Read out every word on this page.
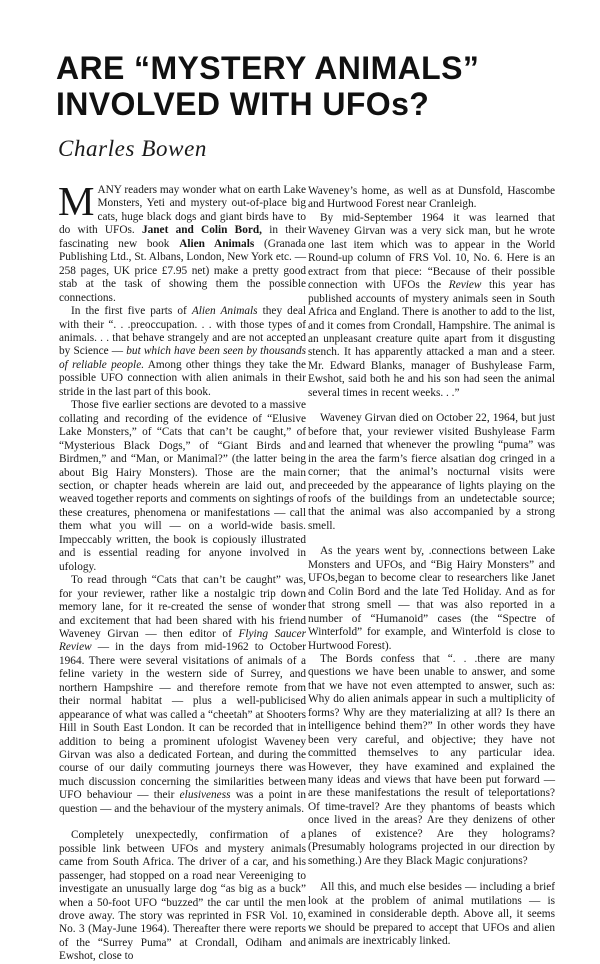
ARE “MYSTERY ANIMALS”
INVOLVED WITH UFOs?

Charles Bowen

MANY readers may wonder what on earth Lake Monsters, Yeti and mystery out-of-place big cats, huge black dogs and giant birds have to do with UFOs. Janet and Colin Bord, in their fascinating new book Alien Animals (Granada Publishing Ltd., St. Albans, London, New York etc. — 258 pages, UK price £7.95 net) make a pretty good stab at the task of showing them the possible connections.

In the first five parts of Alien Animals they deal with their “. . .preoccupation. . . with those types of animals. . . that behave strangely and are not accepted by Science — but which have been seen by thousands of reliable people. Among other things they take the possible UFO connection with alien animals in their stride in the last part of this book.

Those five earlier sections are devoted to a massive collating and recording of the evidence of “Elusive Lake Monsters,” of “Cats that can’t be caught,” of “Mysterious Black Dogs,” of “Giant Birds and Birdmen,” and “Man, or Manimal?” (the latter being about Big Hairy Monsters). Those are the main section, or chapter heads wherein are laid out, and weaved together reports and comments on sightings of these creatures, phenomena or manifestations — call them what you will — on a world-wide basis. Impeccably written, the book is copiously illustrated and is essential reading for anyone involved in ufology.

To read through “Cats that can’t be caught” was, for your reviewer, rather like a nostalgic trip down memory lane, for it re-created the sense of wonder and excitement that had been shared with his friend Waveney Girvan — then editor of Flying Saucer Review — in the days from mid-1962 to October 1964. There were several visitations of animals of a feline variety in the western side of Surrey, and northern Hampshire — and therefore remote from their normal habitat — plus a well-publicised appearance of what was called a “cheetah” at Shooters Hill in South East London. It can be recorded that in addition to being a prominent ufologist Waveney Girvan was also a dedicated Fortean, and during the course of our daily commuting journeys there was much discussion concerning the similarities between UFO behaviour — their elusiveness was a point in question — and the behaviour of the mystery animals.

Completely unexpectedly, confirmation of a possible link between UFOs and mystery animals came from South Africa. The driver of a car, and his passenger, had stopped on a road near Vereeniging to investigate an unusually large dog “as big as a buck” when a 50-foot UFO “buzzed” the car until the men drove away. The story was reprinted in FSR Vol. 10, No. 3 (May-June 1964). Thereafter there were reports of the “Surrey Puma” at Crondall, Odiham and Ewshot, close to

Waveney’s home, as well as at Dunsfold, Hascombe and Hurtwood Forest near Cranleigh.

By mid-September 1964 it was learned that Waveney Girvan was a very sick man, but he wrote one last item which was to appear in the World Round-up column of FRS Vol. 10, No. 6. Here is an extract from that piece: “Because of their possible connection with UFOs the Review this year has published accounts of mystery animals seen in South Africa and England. There is another to add to the list, and it comes from Crondall, Hampshire. The animal is an unpleasant creature quite apart from it disgusting stench. It has apparently attacked a man and a steer. Mr. Edward Blanks, manager of Bushylease Farm, Ewshot, said both he and his son had seen the animal several times in recent weeks. . .”

Waveney Girvan died on October 22, 1964, but just before that, your reviewer visited Bushylease Farm and learned that whenever the prowling “puma” was in the area the farm’s fierce alsatian dog cringed in a corner; that the animal’s nocturnal visits were preceeded by the appearance of lights playing on the roofs of the buildings from an undetectable source; that the animal was also accompanied by a strong smell.

As the years went by, .connections between Lake Monsters and UFOs, and “Big Hairy Monsters” and UFOs,began to become clear to researchers like Janet and Colin Bord and the late Ted Holiday. And as for that strong smell — that was also reported in a number of “Humanoid” cases (the “Spectre of Winterfold” for example, and Winterfold is close to Hurtwood Forest).

The Bords confess that “. . .there are many questions we have been unable to answer, and some that we have not even attempted to answer, such as: Why do alien animals appear in such a multiplicity of forms? Why are they materializing at all? Is there an intelligence behind them?” In other words they have been very careful, and objective; they have not committed themselves to any particular idea. However, they have examined and explained the many ideas and views that have been put forward — are these manifestations the result of teleportations? Of time-travel? Are they phantoms of beasts which once lived in the areas? Are they denizens of other planes of existence? Are they holograms? (Presumably holograms projected in our direction by something.) Are they Black Magic conjurations?

All this, and much else besides — including a brief look at the problem of animal mutilations — is examined in considerable depth. Above all, it seems we should be prepared to accept that UFOs and alien animals are inextricably linked.
